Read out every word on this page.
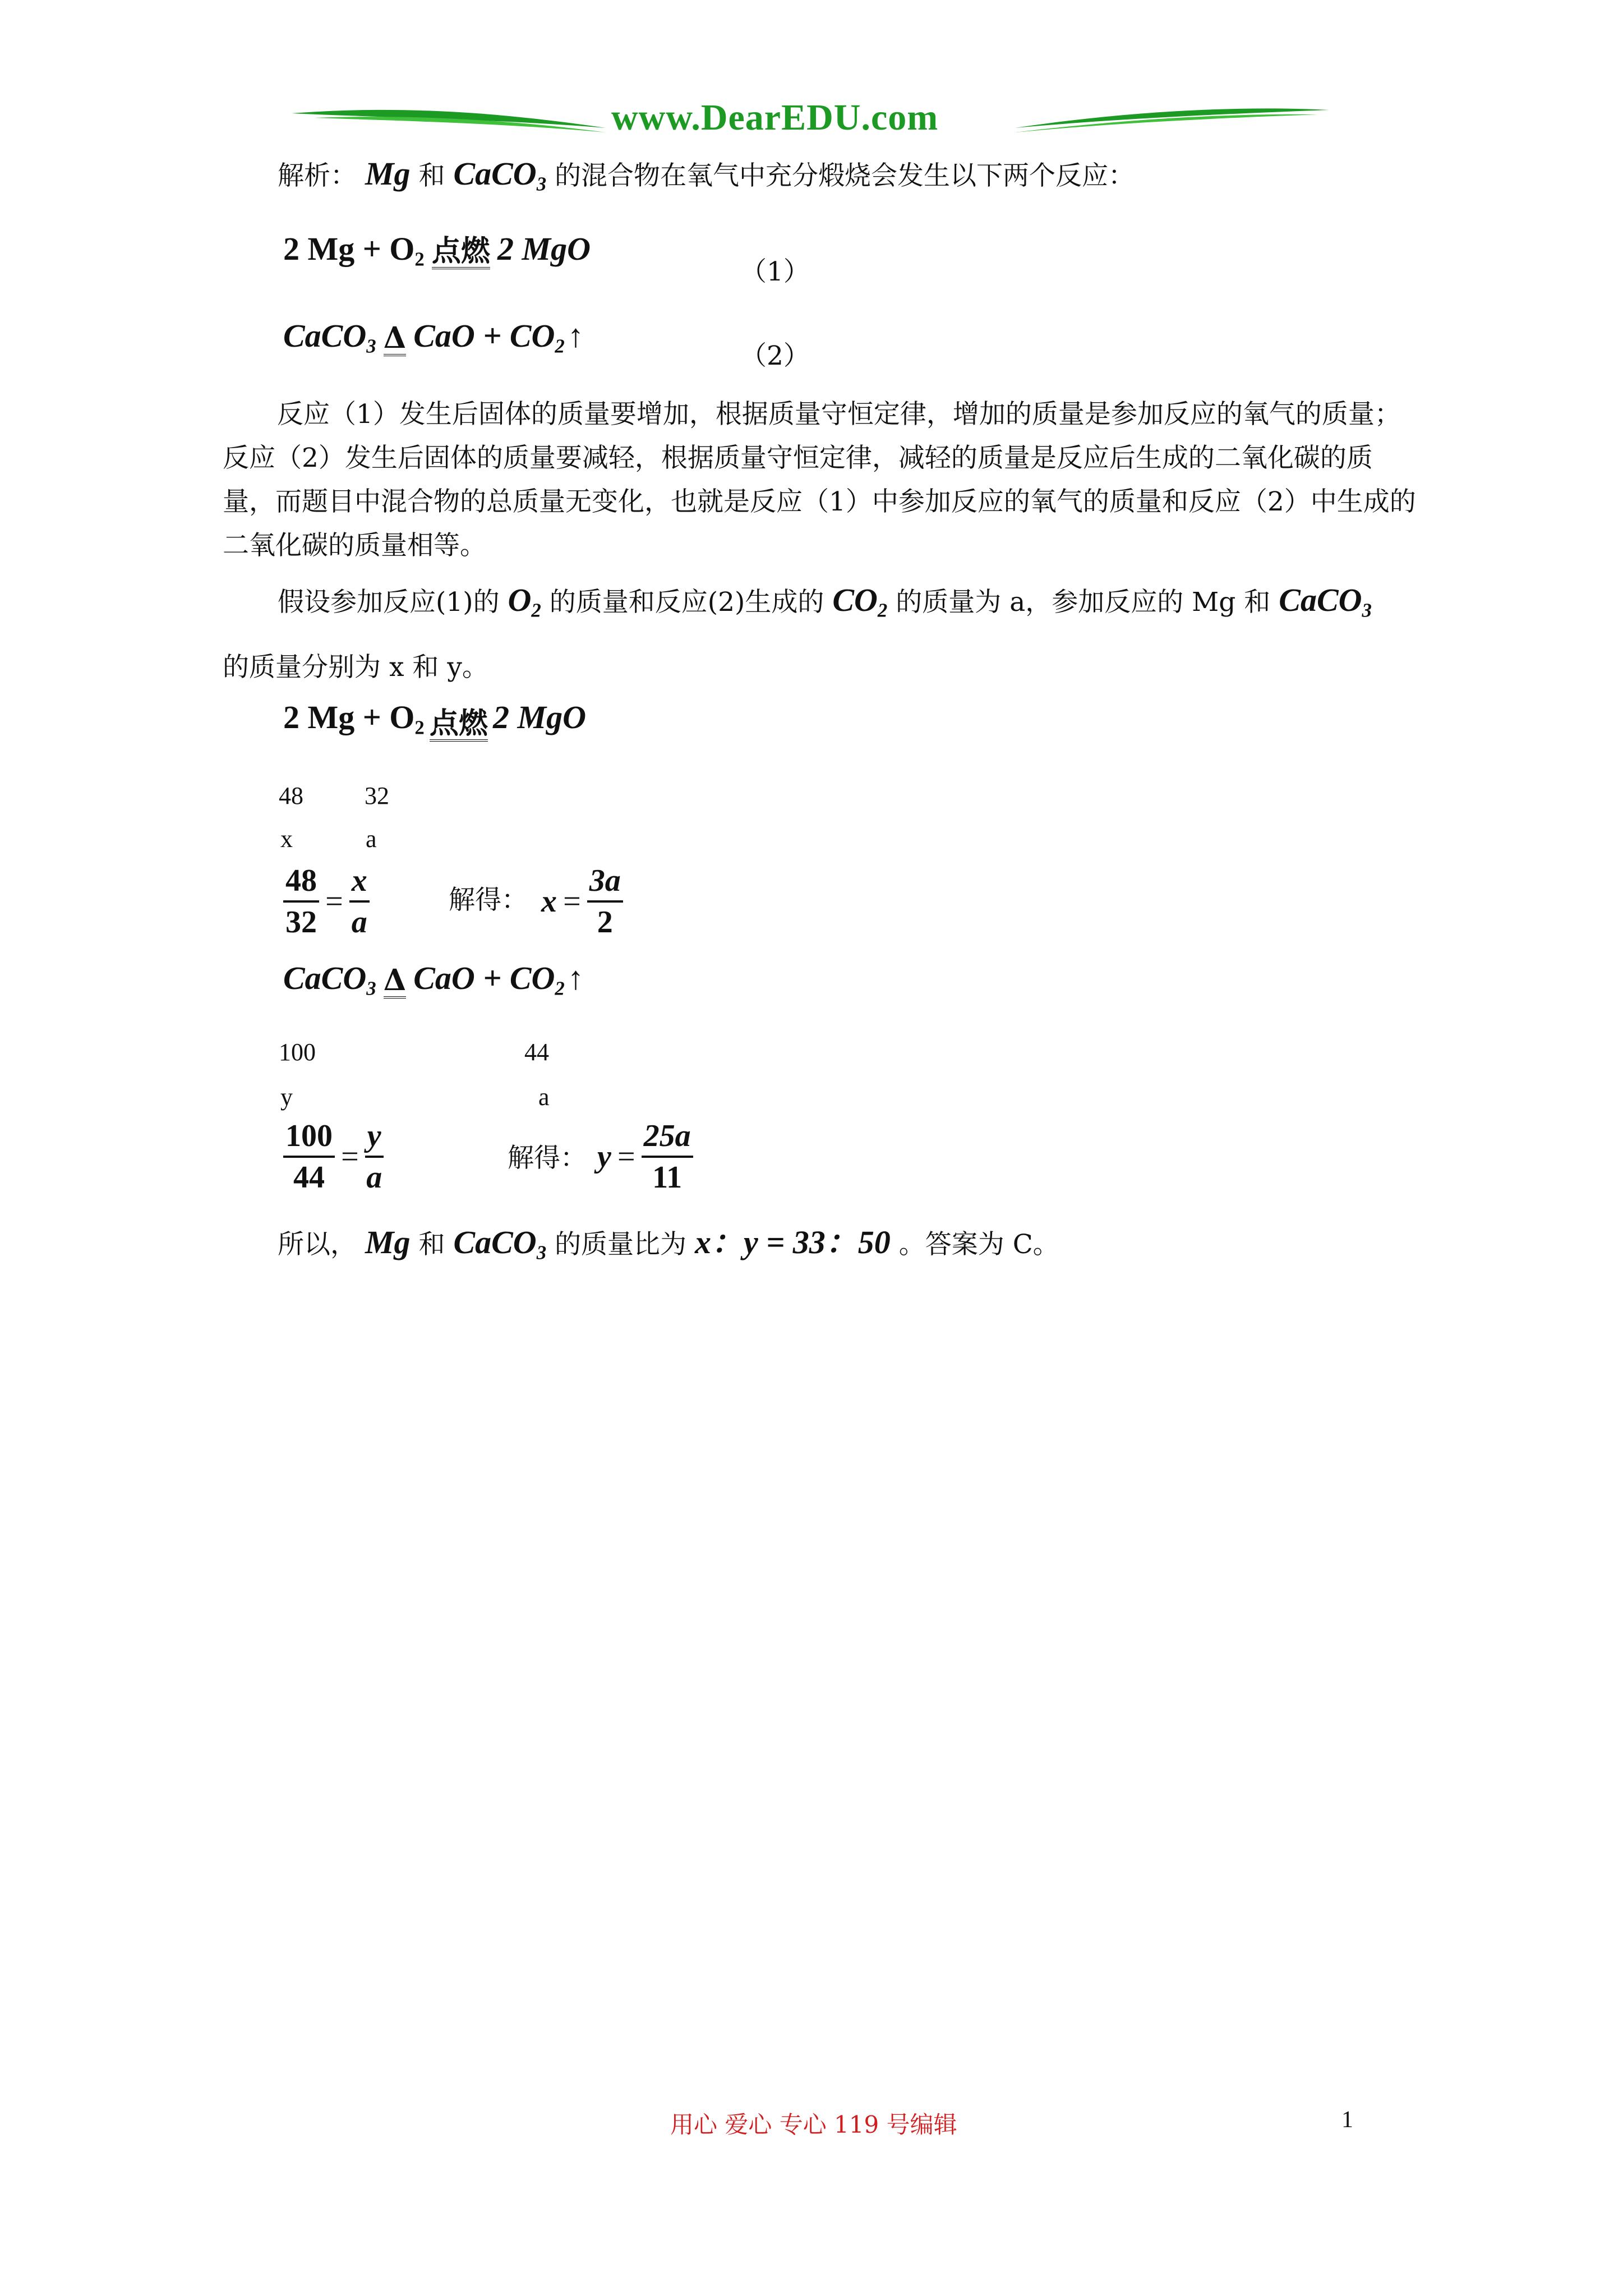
www.DearEDU.com
解析： Mg 和 CaCO$_3$ 的混合物在氧气中充分煅烧会发生以下两个反应：
2 $Mg + O_2$ 点燃 2 MgO
（1）
CaCO$_3$ Δ CaO + $CO_2$ ↑
（2）
反应（1）发生后固体的质量要增加，根据质量守恒定律，增加的质量是参加反应的氧气的质量；反应（2）发生后固体的质量要减轻，根据质量守恒定律，减轻的质量是反应后生成的二氧化碳的质量，而题目中混合物的总质量无变化，也就是反应（1）中参加反应的氧气的质量和反应（2）中生成的二氧化碳的质量相等。
假设参加反应(1)的 $O_2$ 的质量和反应(2)生成的 $CO_2$ 的质量为 a，参加反应的 Mg 和 CaCO$_3$
的质量分别为 x 和 y。
2 $Mg + O_2$ 点燃 2 MgO
48 32
x	a
$\frac{48}{32}$
=
$\frac{x}{a}$	解得： x
=
$\frac{3a}{2}$
CaCO$_3$ Δ CaO + $CO_2$ ↑
100	44
y	a
$\frac{100}{44}$
=
$\frac{y}{a}$	解得： y
=
$\frac{25a}{11}$
所以， Mg 和 CaCO$_3$ 的质量比为 x：y = 33：50 。答案为 C。
用心 爱心 专心 119 号编辑	1
